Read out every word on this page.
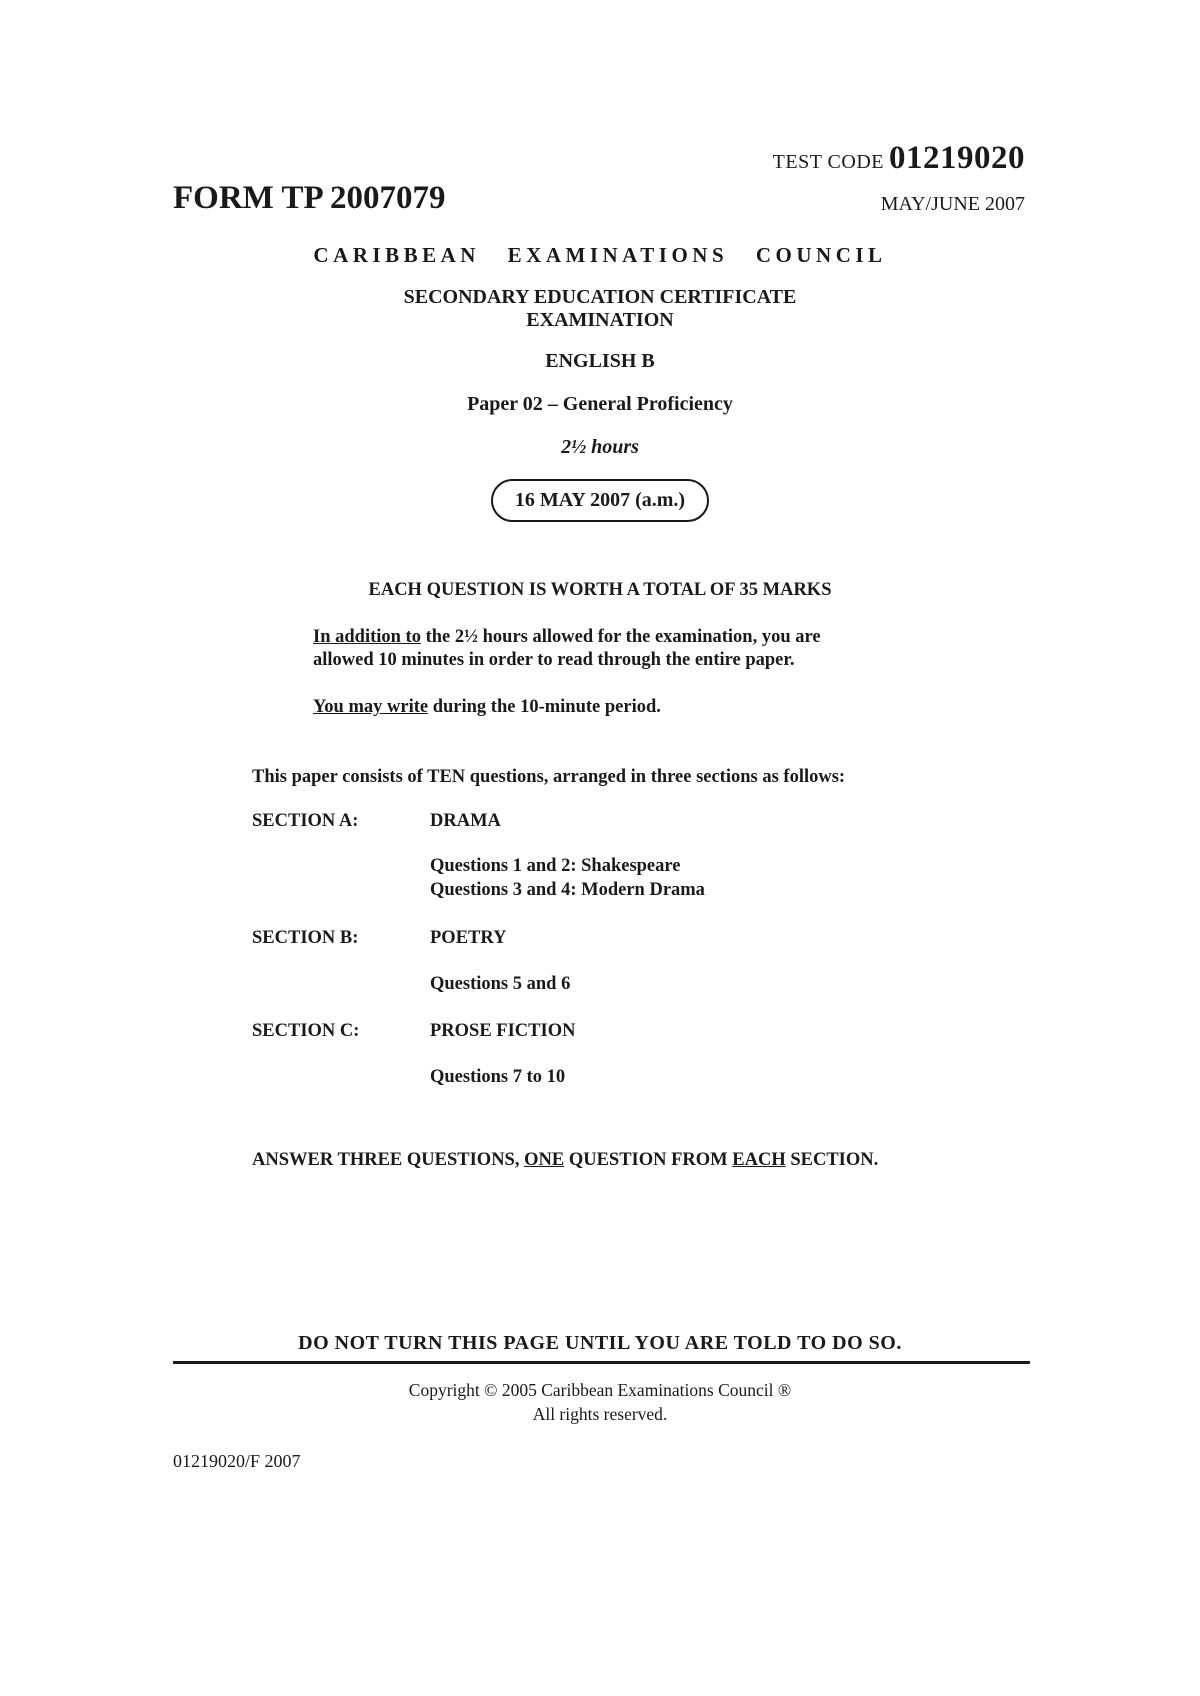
TEST CODE 01219020
FORM TP 2007079	MAY/JUNE 2007
CARIBBEAN EXAMINATIONS COUNCIL
SECONDARY EDUCATION CERTIFICATE
EXAMINATION
ENGLISH B
Paper 02 – General Proficiency
2½ hours
16 MAY 2007 (a.m.)
EACH QUESTION IS WORTH A TOTAL OF 35 MARKS
In addition to the 2½ hours allowed for the examination, you are
allowed 10 minutes in order to read through the entire paper.
You may write during the 10-minute period.
This paper consists of TEN questions, arranged in three sections as follows:
SECTION A:	DRAMA
Questions 1 and 2: Shakespeare
Questions 3 and 4: Modern Drama
SECTION B:	POETRY
Questions 5 and 6
SECTION C:	PROSE FICTION
Questions 7 to 10
ANSWER THREE QUESTIONS, ONE QUESTION FROM EACH SECTION.
DO NOT TURN THIS PAGE UNTIL YOU ARE TOLD TO DO SO.
Copyright © 2005 Caribbean Examinations Council ®
All rights reserved.
01219020/F 2007
